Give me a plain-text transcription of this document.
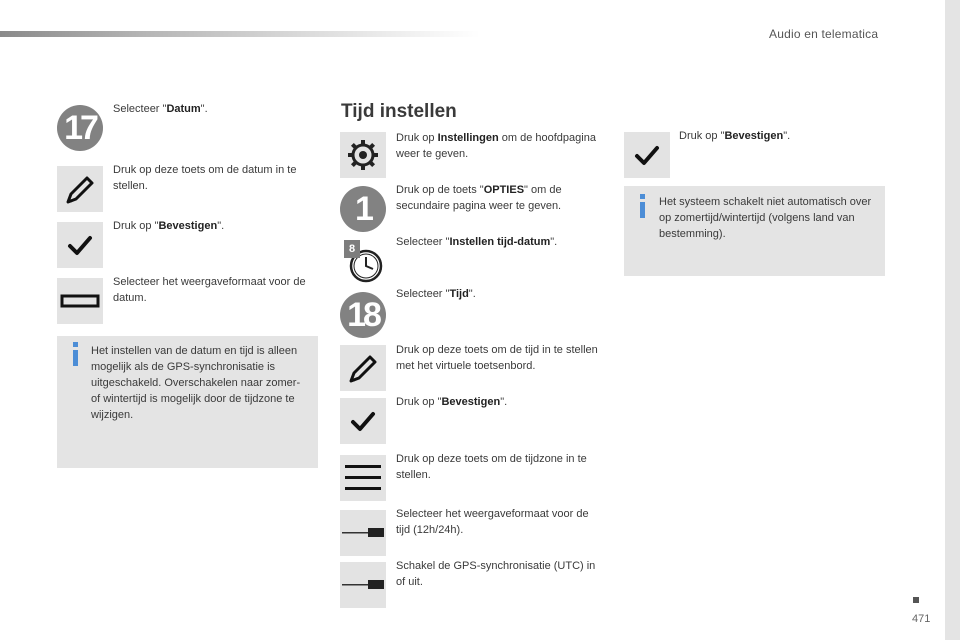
Audio en telematica
471
17	Selecteer "Datum".
Druk op deze toets om de datum in te stellen.
Druk op "Bevestigen".
Selecteer het weergaveformaat voor de datum.
Het instellen van de datum en tijd is alleen mogelijk als de GPS-synchronisatie is uitgeschakeld. Overschakelen naar zomer- of wintertijd is mogelijk door de tijdzone te wijzigen.
Tijd instellen
Druk op Instellingen om de hoofdpagina weer te geven.
1	Druk op de toets "OPTIES" om de secundaire pagina weer te geven.
8
Selecteer "Instellen tijd-datum".
18
Selecteer "Tijd".
Druk op deze toets om de tijd in te stellen met het virtuele toetsenbord.
Druk op "Bevestigen".
Druk op deze toets om de tijdzone in te stellen.
Selecteer het weergaveformaat voor de tijd (12h/24h).
Schakel de GPS-synchronisatie (UTC) in of uit.
Druk op "Bevestigen".
Het systeem schakelt niet automatisch over op zomertijd/wintertijd (volgens land van bestemming).
